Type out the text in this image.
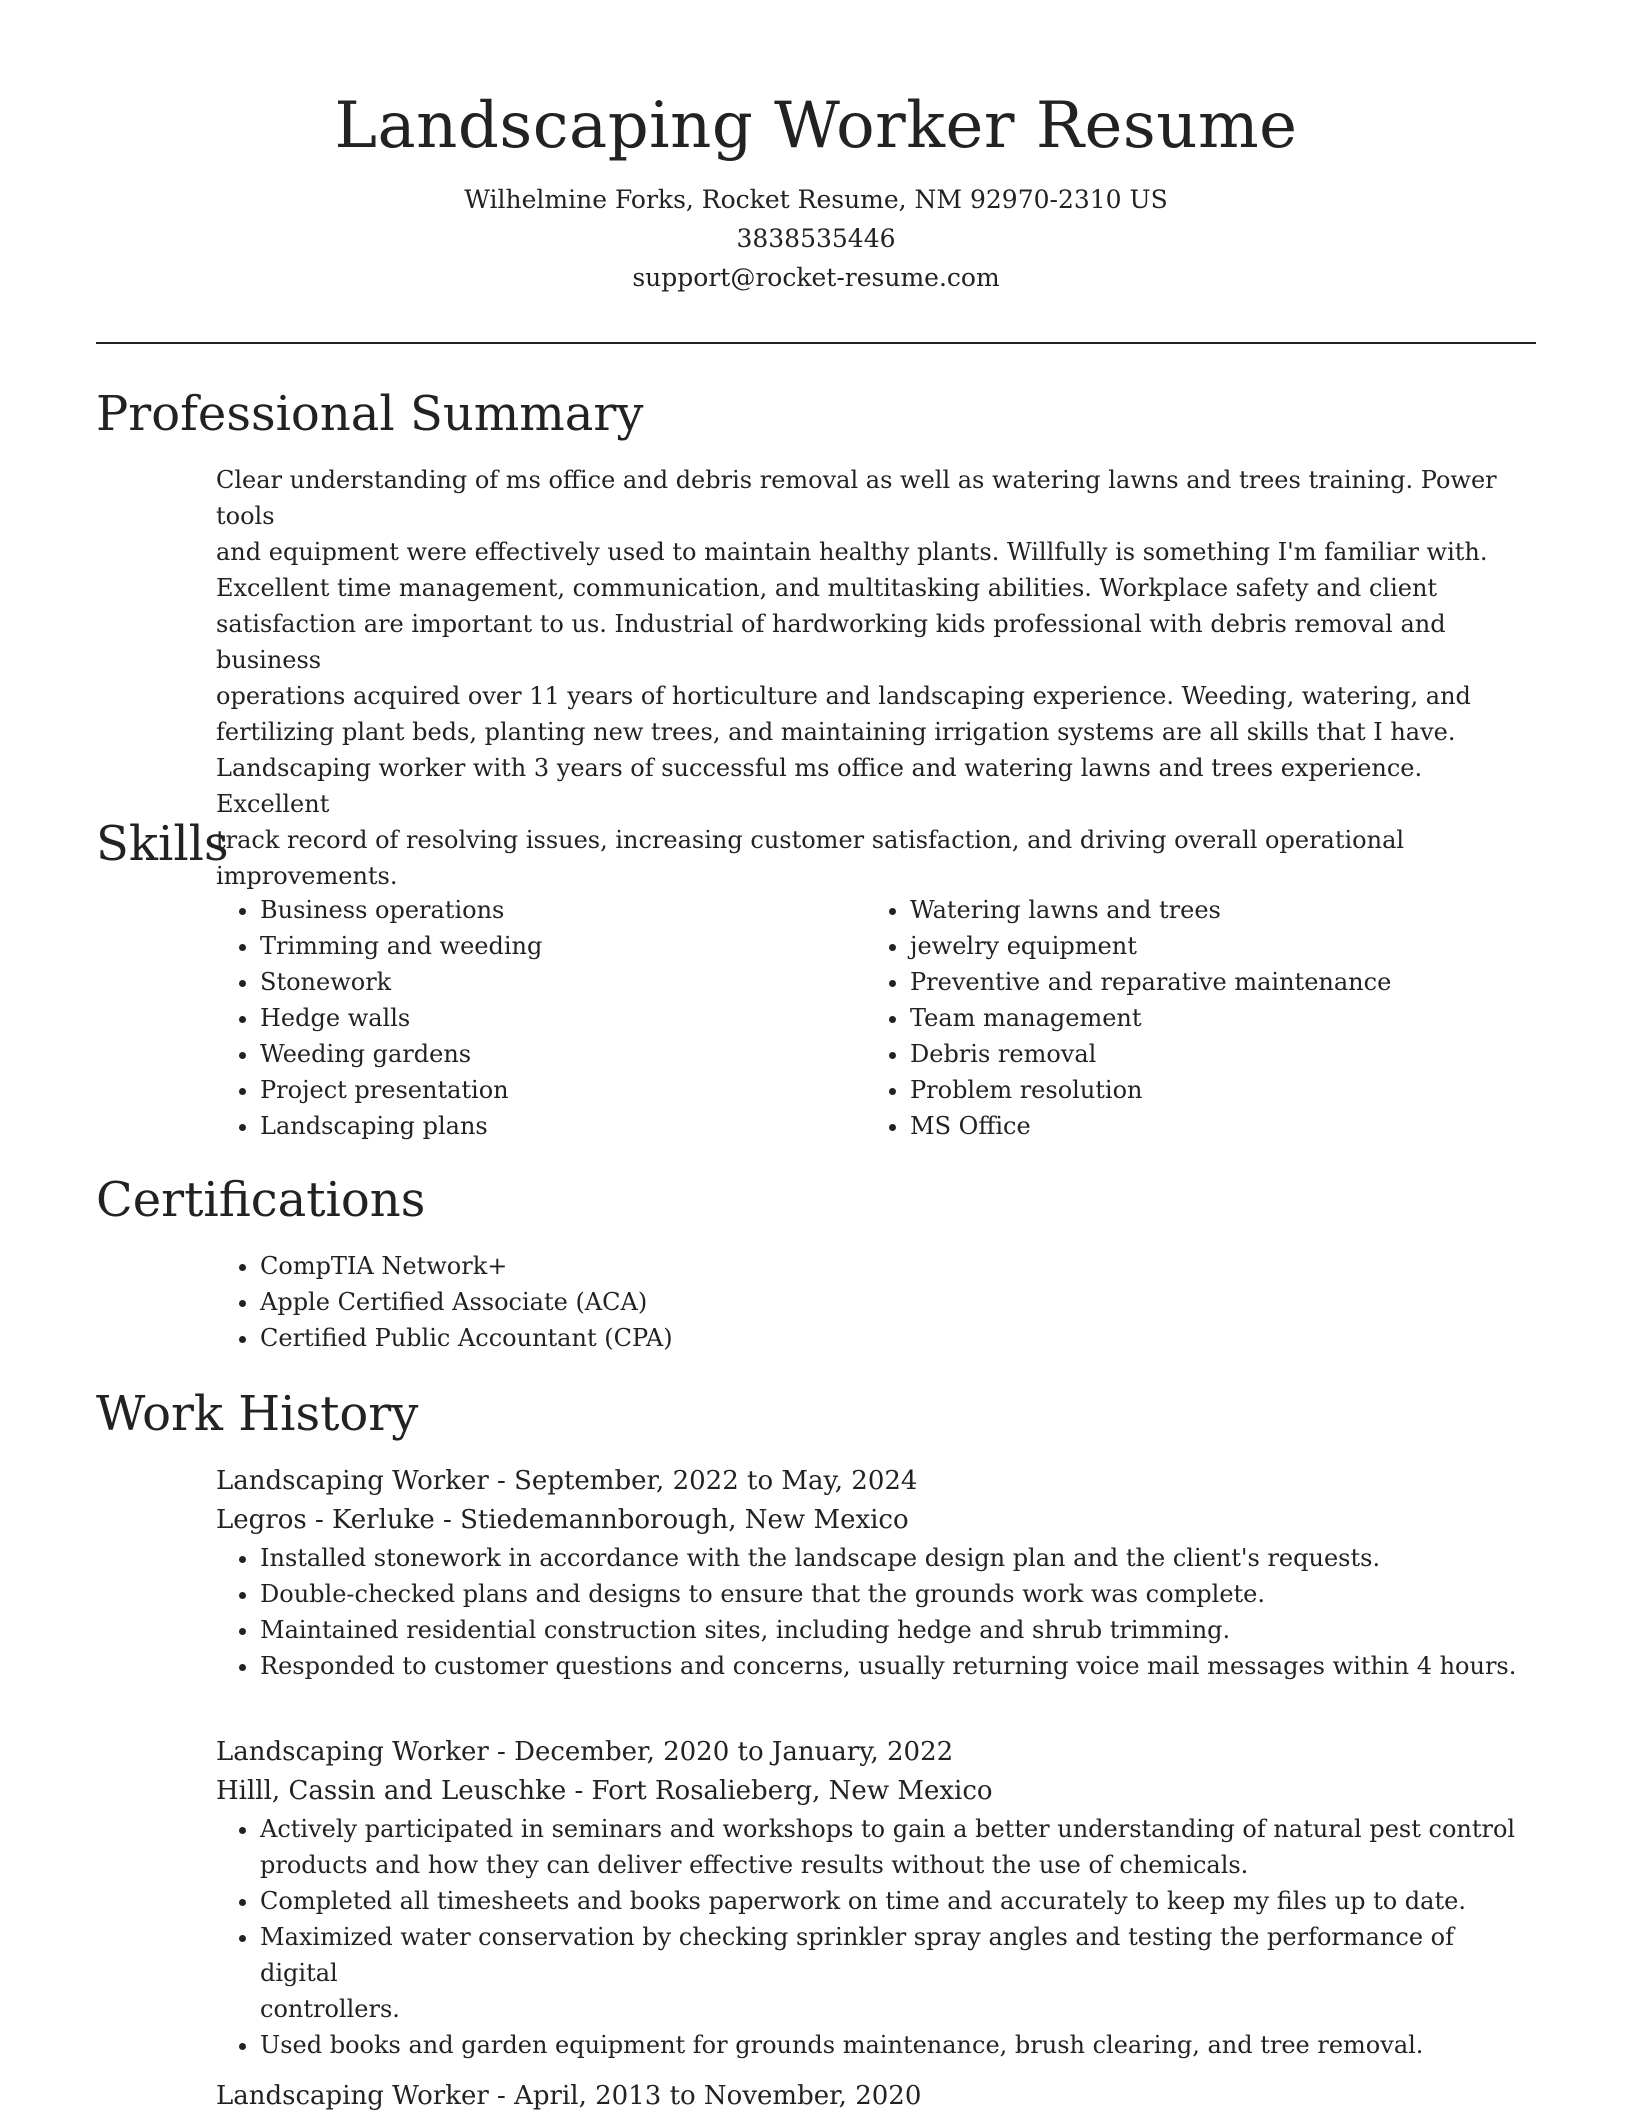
Landscaping Worker Resume
Wilhelmine Forks, Rocket Resume, NM 92970-2310 US
3838535446
support@rocket-resume.com
Professional Summary

Clear understanding of ms office and debris removal as well as watering lawns and trees training. Power tools
and equipment were effectively used to maintain healthy plants. Willfully is something I'm familiar with.
Excellent time management, communication, and multitasking abilities. Workplace safety and client
satisfaction are important to us. Industrial of hardworking kids professional with debris removal and business
operations acquired over 11 years of horticulture and landscaping experience. Weeding, watering, and
fertilizing plant beds, planting new trees, and maintaining irrigation systems are all skills that I have.
Landscaping worker with 3 years of successful ms office and watering lawns and trees experience. Excellent
track record of resolving issues, increasing customer satisfaction, and driving overall operational
improvements.

Skills
• Business operations
• Trimming and weeding
• Stonework
• Hedge walls
• Weeding gardens
• Project presentation
• Landscaping plans
• Watering lawns and trees
• jewelry equipment
• Preventive and reparative maintenance
• Team management
• Debris removal
• Problem resolution
• MS Office
Certifications
• CompTIA Network+
• Apple Certified Associate (ACA)
• Certified Public Accountant (CPA)
Work History
Landscaping Worker - September, 2022 to May, 2024
Legros - Kerluke - Stiedemannborough, New Mexico
• Installed stonework in accordance with the landscape design plan and the client's requests.
• Double-checked plans and designs to ensure that the grounds work was complete.
• Maintained residential construction sites, including hedge and shrub trimming.
• Responded to customer questions and concerns, usually returning voice mail messages within 4 hours.
Landscaping Worker - December, 2020 to January, 2022
Hilll, Cassin and Leuschke - Fort Rosalieberg, New Mexico
• Actively participated in seminars and workshops to gain a better understanding of natural pest control
products and how they can deliver effective results without the use of chemicals.
• Completed all timesheets and books paperwork on time and accurately to keep my files up to date.
• Maximized water conservation by checking sprinkler spray angles and testing the performance of digital
controllers.
• Used books and garden equipment for grounds maintenance, brush clearing, and tree removal.
Landscaping Worker - April, 2013 to November, 2020
